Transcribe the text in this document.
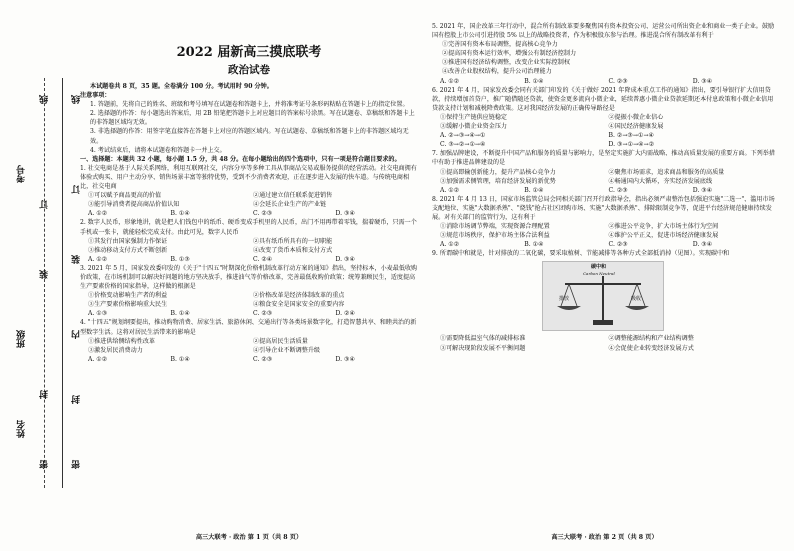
姓名
班级
考号
线
订
装
内
封
密
线
订
装
封
密
2022 届新高三摸底联考
政治试卷

本试题卷共 8 页，35 题。全卷满分 100 分。考试用时 90 分钟。

注意事项：

1. 答题前，先将自己的姓名、班级和考号填写在试题卷和答题卡上，并将准考证号条形码粘贴在答题卡上的指定位置。

2. 选择题的作答：每小题选出答案后，用 2B 铅笔把答题卡上对应题目的答案标号涂黑。写在试题卷、草稿纸和答题卡上的非答题区域均无效。

3. 非选择题的作答：用签字笔直接答在答题卡上对应的答题区域内。写在试题卷、草稿纸和答题卡上的非答题区域均无效。

4. 考试结束后，请将本试题卷和答题卡一并上交。

一、选择题：本题共 32 小题，每小题 1.5 分，共 48 分。在每小题给出的四个选项中，只有一项是符合题目要求的。

1. 社交电商是基于人际关系网络，利用互联网社交，内容分享等多种工具从事商品交易或服务提供的经营活动。社交电商拥有体验式购买、用户主动分享、销售场景丰富等独特优势，受到不少消费者欢迎，正在逐步进入发展的快车道。与传统电商相比，社交电商

①可以赋予商品更高的价值	②通过建立信任联系促进销售
③能引导消费者提高商品价值认知	④会延长企业生产的产业链
A. ①②	B. ①④	C. ②③	D. ③④

2. 数字人民币，形象地讲，就是把人们钱包中的纸币、硬币变成手机里的人民币，出门不用再带着零钱，揣着硬币，只需一个手机或一张卡，就能轻松完成支付。由此可见，数字人民币

①其发行由国家强制力作保证	②具有纸币所具有的一切职能
③推动移动支付方式不断创新	④改变了货币本质和支付方式
A. ①②	B. ①③	C. ②④	D. ③④

3. 2021 年 5 月，国家发改委印发的《关于"十四五"时期深化价格机制改革行动方案的通知》指出，坚持标本，小麦最低收购价政策，在市场机制可以解决好问题的地方坚决放手，推进油气等价格改革，完善最低收购价政策；统筹兼顾民生，适度提高生产要素价格的国家指导，这样做的根据是

①价格变动影响生产者的利益	②价格改革是经济体制改革的重点
③生产要素价格影响重大民生	④粮食安全是国家安全的重要内容
A. ①③	B. ①④	C. ②③	D. ②④

4. "十四五"规划纲要提出，推动购物消费、居家生活、旅游休闲、交通出行等各类场景数字化，打造智慧共享、和睦共治的新型数字生活。这将对居民生活带来的影响是

①推进供给侧结构性改革	②提高居民生活质量
③激发居民消费动力	④引导企业不断调整升级
A. ①②	B. ①④	C. ②③	D. ③④
高三大联考 · 政治 第 1 页（共 8 页）

5. 2021 年，国企改革三年行动中，混合所有制改革要多聚焦国有资本投资公司、运营公司所出资企业和商业一类子企业。鼓励国有控股上市公司引进持股 5% 以上的战略投资者，作为积极股东参与治理。推进混合所有制改革有利于

①完善国有资本布局调整，提高核心竞争力

②提高国有资本运行效率，增强公有制经济控制力

③推进国有经济结构调整，改变企业实际控制权

④改善企业股权结构，提升公司治理能力

A. ①②	B. ①④	C. ②③	D. ③④

6. 2021 年 4 月，国家发改委会同有关部门印发的《关于做好 2021 年降成本重点工作的通知》指出，要引导银行扩大信用贷款，持续增加首贷户，推广随借随还贷款，使资金更多流向小微企业，延续普惠小微企业贷款延期还本付息政策和小微企业信用贷款支持计划和减税降费政策。这对我国经济发展的正确传导路径是

①保持生产链供应链稳定	②提振小微企业信心
③缓解小微企业资金压力	④国民经济健康发展
A. ②→③→④→①	B. ②→③→①→④
C. ③→②→①→④	D. ③→①→④→②

7. 加强品牌建设，不断提升中国产品和服务的质量与影响力，是坚定实施扩大内需战略、推动高质量发展的重要方面。下列举措中有助于推进品牌建设的是

①提高即输创新能力，提升产品核心竞争力	②聚焦市场需求，追求商品和服务的高质量
③加强需求侧管理，培育经济发展的新优势	④畅通国内大循环，夯实经济发展底线
A. ①②	B. ①④	C. ②③	D. ③④

8. 2021 年 4 月 13 日，国家市场监管总局会同相关部门召开行政指导会，指出必须严肃整治包括强迫实施"二选一"、滥用市场支配地位、实施"大数据杀熟"、"烧钱"抢占社区团购市场、实施"大数据杀熟"、排除限制竞争等，促进平台经济规范健康持续发展。对有关部门的监管行为，这有利于

①消除市场调节弊端，实现资源合理配置	②推进公平竞争，扩大市场主体行为空间
③规范市场秩序，保护市场主体合法利益	④维护公平正义，促进市场经济健康发展
A. ①②	B. ①④	C. ②③	D. ③④

9. 所谓碳中和就是，针对排放的二氧化碳，要采取植树、节能减排等各种方式全部抵消掉（见图）。实现碳中和

碳中和
Carbon Neutral
排放	吸收
①需要降低温室气体的减排标准	②调整能源结构和产业结构调整
③可解决现阶段发展不平衡问题	④会促使企业转变经济发展方式
高三大联考 · 政治 第 2 页（共 8 页）
